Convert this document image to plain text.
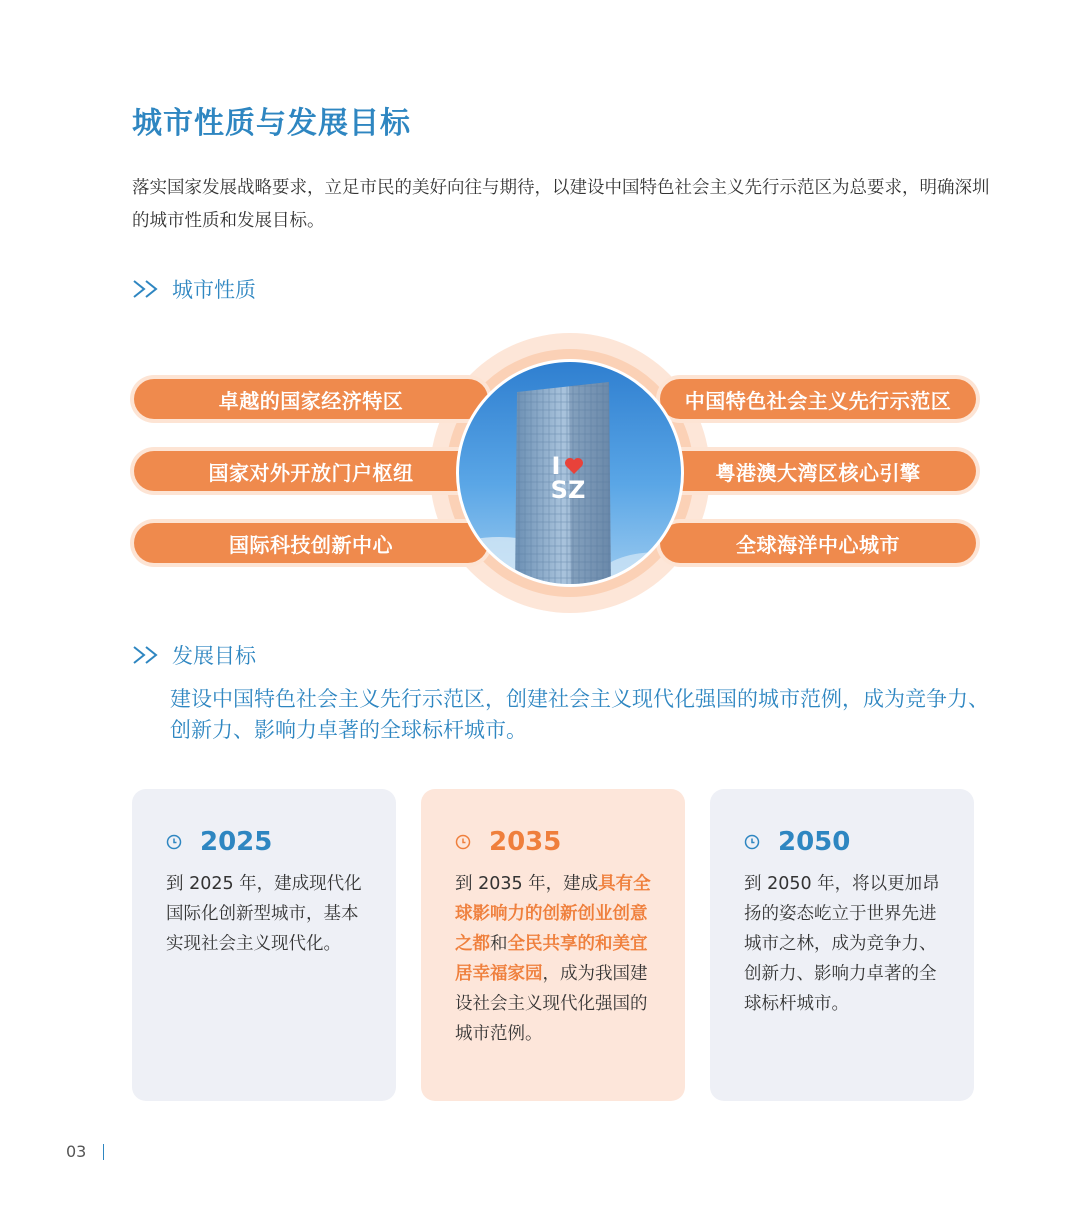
城市性质与发展目标
落实国家发展战略要求，立足市民的美好向往与期待，以建设中国特色社会主义先行示范区为总要求，明确深圳的城市性质和发展目标。
城市性质
卓越的国家经济特区
国家对外开放门户枢纽
国际科技创新中心
中国特色社会主义先行示范区
粤港澳大湾区核心引擎
全球海洋中心城市
I
SZ
发展目标
建设中国特色社会主义先行示范区，创建社会主义现代化强国的城市范例，成为竞争力、创新力、影响力卓著的全球标杆城市。
2025
到 2025 年，建成现代化国际化创新型城市，基本实现社会主义现代化。
2035
到 2035 年，建成具有全球影响力的创新创业创意之都和全民共享的和美宜居幸福家园，成为我国建设社会主义现代化强国的城市范例。
2050
到 2050 年，将以更加昂扬的姿态屹立于世界先进城市之林，成为竞争力、创新力、影响力卓著的全球标杆城市。
03
